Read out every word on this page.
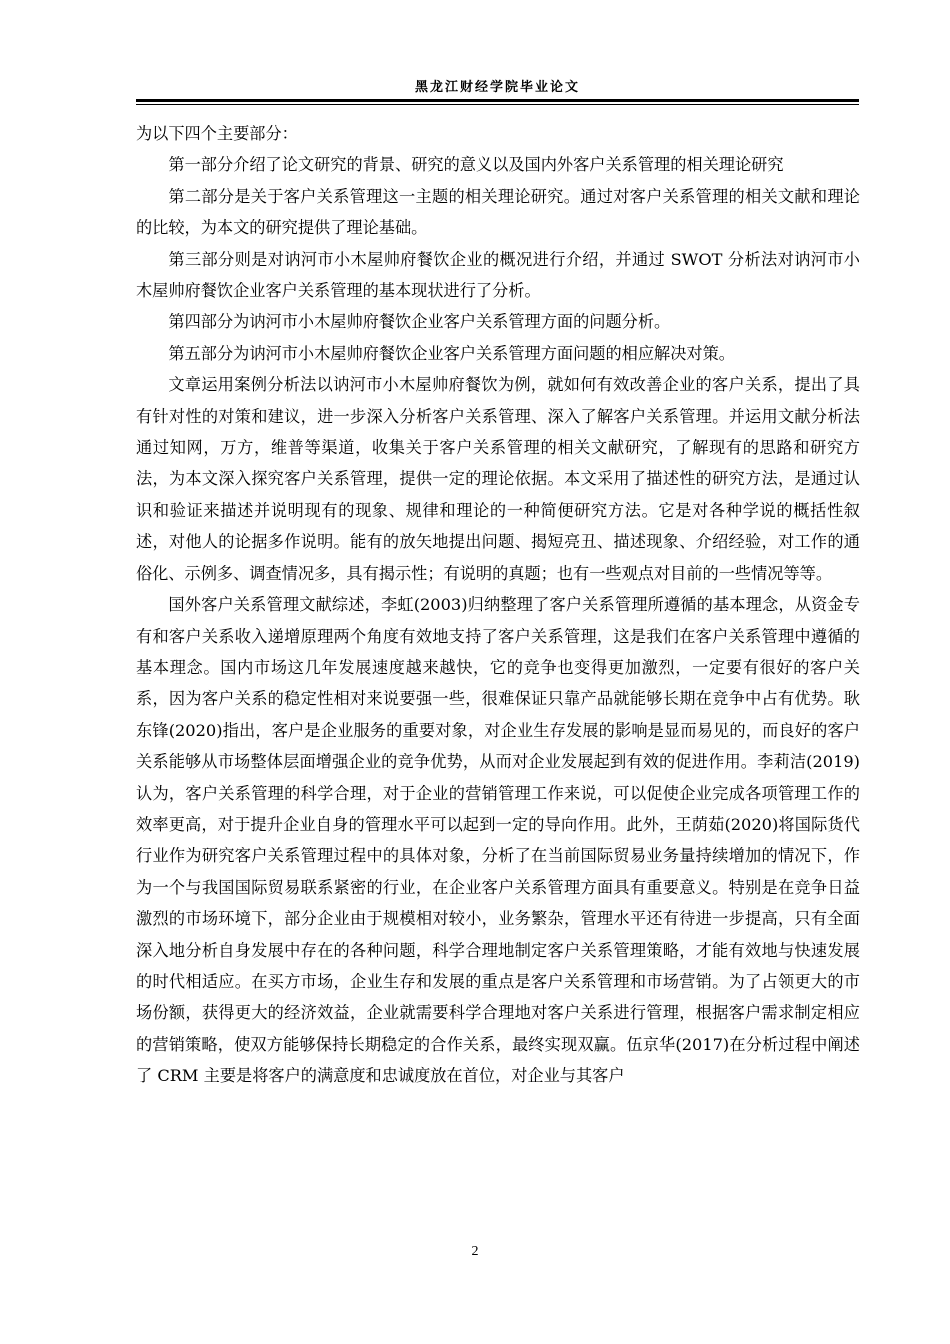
黑龙江财经学院毕业论文

为以下四个主要部分：

第一部分介绍了论文研究的背景、研究的意义以及国内外客户关系管理的相关理论研究

第二部分是关于客户关系管理这一主题的相关理论研究。通过对客户关系管理的相关文献和理论的比较，为本文的研究提供了理论基础。

第三部分则是对讷河市小木屋帅府餐饮企业的概况进行介绍，并通过 SWOT 分析法对讷河市小木屋帅府餐饮企业客户关系管理的基本现状进行了分析。

第四部分为讷河市小木屋帅府餐饮企业客户关系管理方面的问题分析。

第五部分为讷河市小木屋帅府餐饮企业客户关系管理方面问题的相应解决对策。

文章运用案例分析法以讷河市小木屋帅府餐饮为例，就如何有效改善企业的客户关系，提出了具有针对性的对策和建议，进一步深入分析客户关系管理、深入了解客户关系管理。并运用文献分析法通过知网，万方，维普等渠道，收集关于客户关系管理的相关文献研究，了解现有的思路和研究方法，为本文深入探究客户关系管理，提供一定的理论依据。本文采用了描述性的研究方法，是通过认识和验证来描述并说明现有的现象、规律和理论的一种简便研究方法。它是对各种学说的概括性叙述，对他人的论据多作说明。能有的放矢地提出问题、揭短亮丑、描述现象、介绍经验，对工作的通俗化、示例多、调查情况多，具有揭示性；有说明的真题；也有一些观点对目前的一些情况等等。

国外客户关系管理文献综述，李虹(2003)归纳整理了客户关系管理所遵循的基本理念，从资金专有和客户关系收入递增原理两个角度有效地支持了客户关系管理，这是我们在客户关系管理中遵循的基本理念。国内市场这几年发展速度越来越快，它的竞争也变得更加激烈，一定要有很好的客户关系，因为客户关系的稳定性相对来说要强一些，很难保证只靠产品就能够长期在竞争中占有优势。耿东锋(2020)指出，客户是企业服务的重要对象，对企业生存发展的影响是显而易见的，而良好的客户关系能够从市场整体层面增强企业的竞争优势，从而对企业发展起到有效的促进作用。李莉洁(2019)认为，客户关系管理的科学合理，对于企业的营销管理工作来说，可以促使企业完成各项管理工作的效率更高，对于提升企业自身的管理水平可以起到一定的导向作用。此外，王荫茹(2020)将国际货代行业作为研究客户关系管理过程中的具体对象，分析了在当前国际贸易业务量持续增加的情况下，作为一个与我国国际贸易联系紧密的行业，在企业客户关系管理方面具有重要意义。特别是在竞争日益激烈的市场环境下，部分企业由于规模相对较小，业务繁杂，管理水平还有待进一步提高，只有全面深入地分析自身发展中存在的各种问题，科学合理地制定客户关系管理策略，才能有效地与快速发展的时代相适应。在买方市场，企业生存和发展的重点是客户关系管理和市场营销。为了占领更大的市场份额，获得更大的经济效益，企业就需要科学合理地对客户关系进行管理，根据客户需求制定相应的营销策略，使双方能够保持长期稳定的合作关系，最终实现双赢。伍京华(2017)在分析过程中阐述了 CRM 主要是将客户的满意度和忠诚度放在首位，对企业与其客户

2
